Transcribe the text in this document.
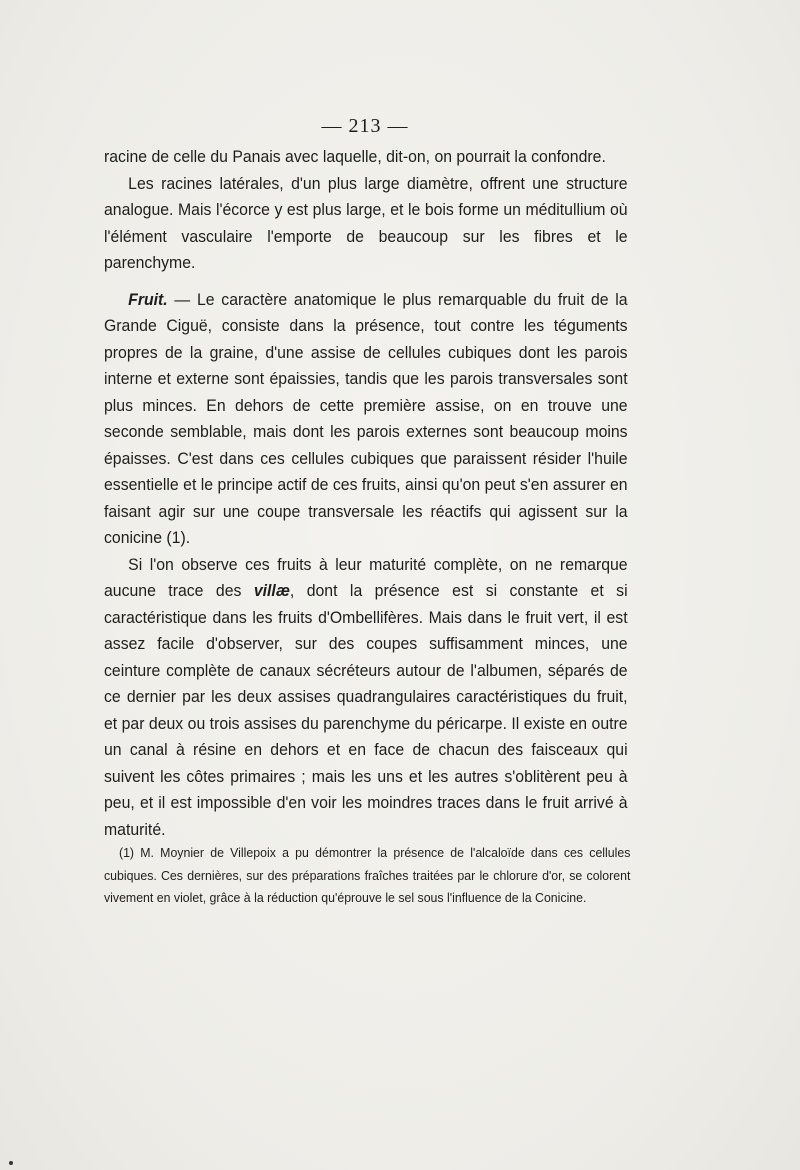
— 213 —

racine de celle du Panais avec laquelle, dit-on, on pourrait la confondre.

Les racines latérales, d'un plus large diamètre, offrent une structure analogue. Mais l'écorce y est plus large, et le bois forme un méditullium où l'élément vasculaire l'emporte de beaucoup sur les fibres et le parenchyme.

Fruit. — Le caractère anatomique le plus remarquable du fruit de la Grande Ciguë, consiste dans la présence, tout contre les téguments propres de la graine, d'une assise de cellules cubiques dont les parois interne et externe sont épaissies, tandis que les parois transversales sont plus minces. En dehors de cette première assise, on en trouve une seconde semblable, mais dont les parois externes sont beaucoup moins épaisses. C'est dans ces cellules cubiques que paraissent résider l'huile essentielle et le principe actif de ces fruits, ainsi qu'on peut s'en assurer en faisant agir sur une coupe transversale les réactifs qui agissent sur la conicine (1).

Si l'on observe ces fruits à leur maturité complète, on ne remarque aucune trace des villæ, dont la présence est si constante et si caractéristique dans les fruits d'Ombellifères. Mais dans le fruit vert, il est assez facile d'observer, sur des coupes suffisamment minces, une ceinture complète de canaux sécréteurs autour de l'albumen, séparés de ce dernier par les deux assises quadrangulaires caractéristiques du fruit, et par deux ou trois assises du parenchyme du péricarpe. Il existe en outre un canal à résine en dehors et en face de chacun des faisceaux qui suivent les côtes primaires ; mais les uns et les autres s'oblitèrent peu à peu, et il est impossible d'en voir les moindres traces dans le fruit arrivé à maturité.

(1) M. Moynier de Villepoix a pu démontrer la présence de l'alcaloïde dans ces cellules cubiques. Ces dernières, sur des préparations fraîches traitées par le chlorure d'or, se colorent vivement en violet, grâce à la réduction qu'éprouve le sel sous l'influence de la Conicine.
